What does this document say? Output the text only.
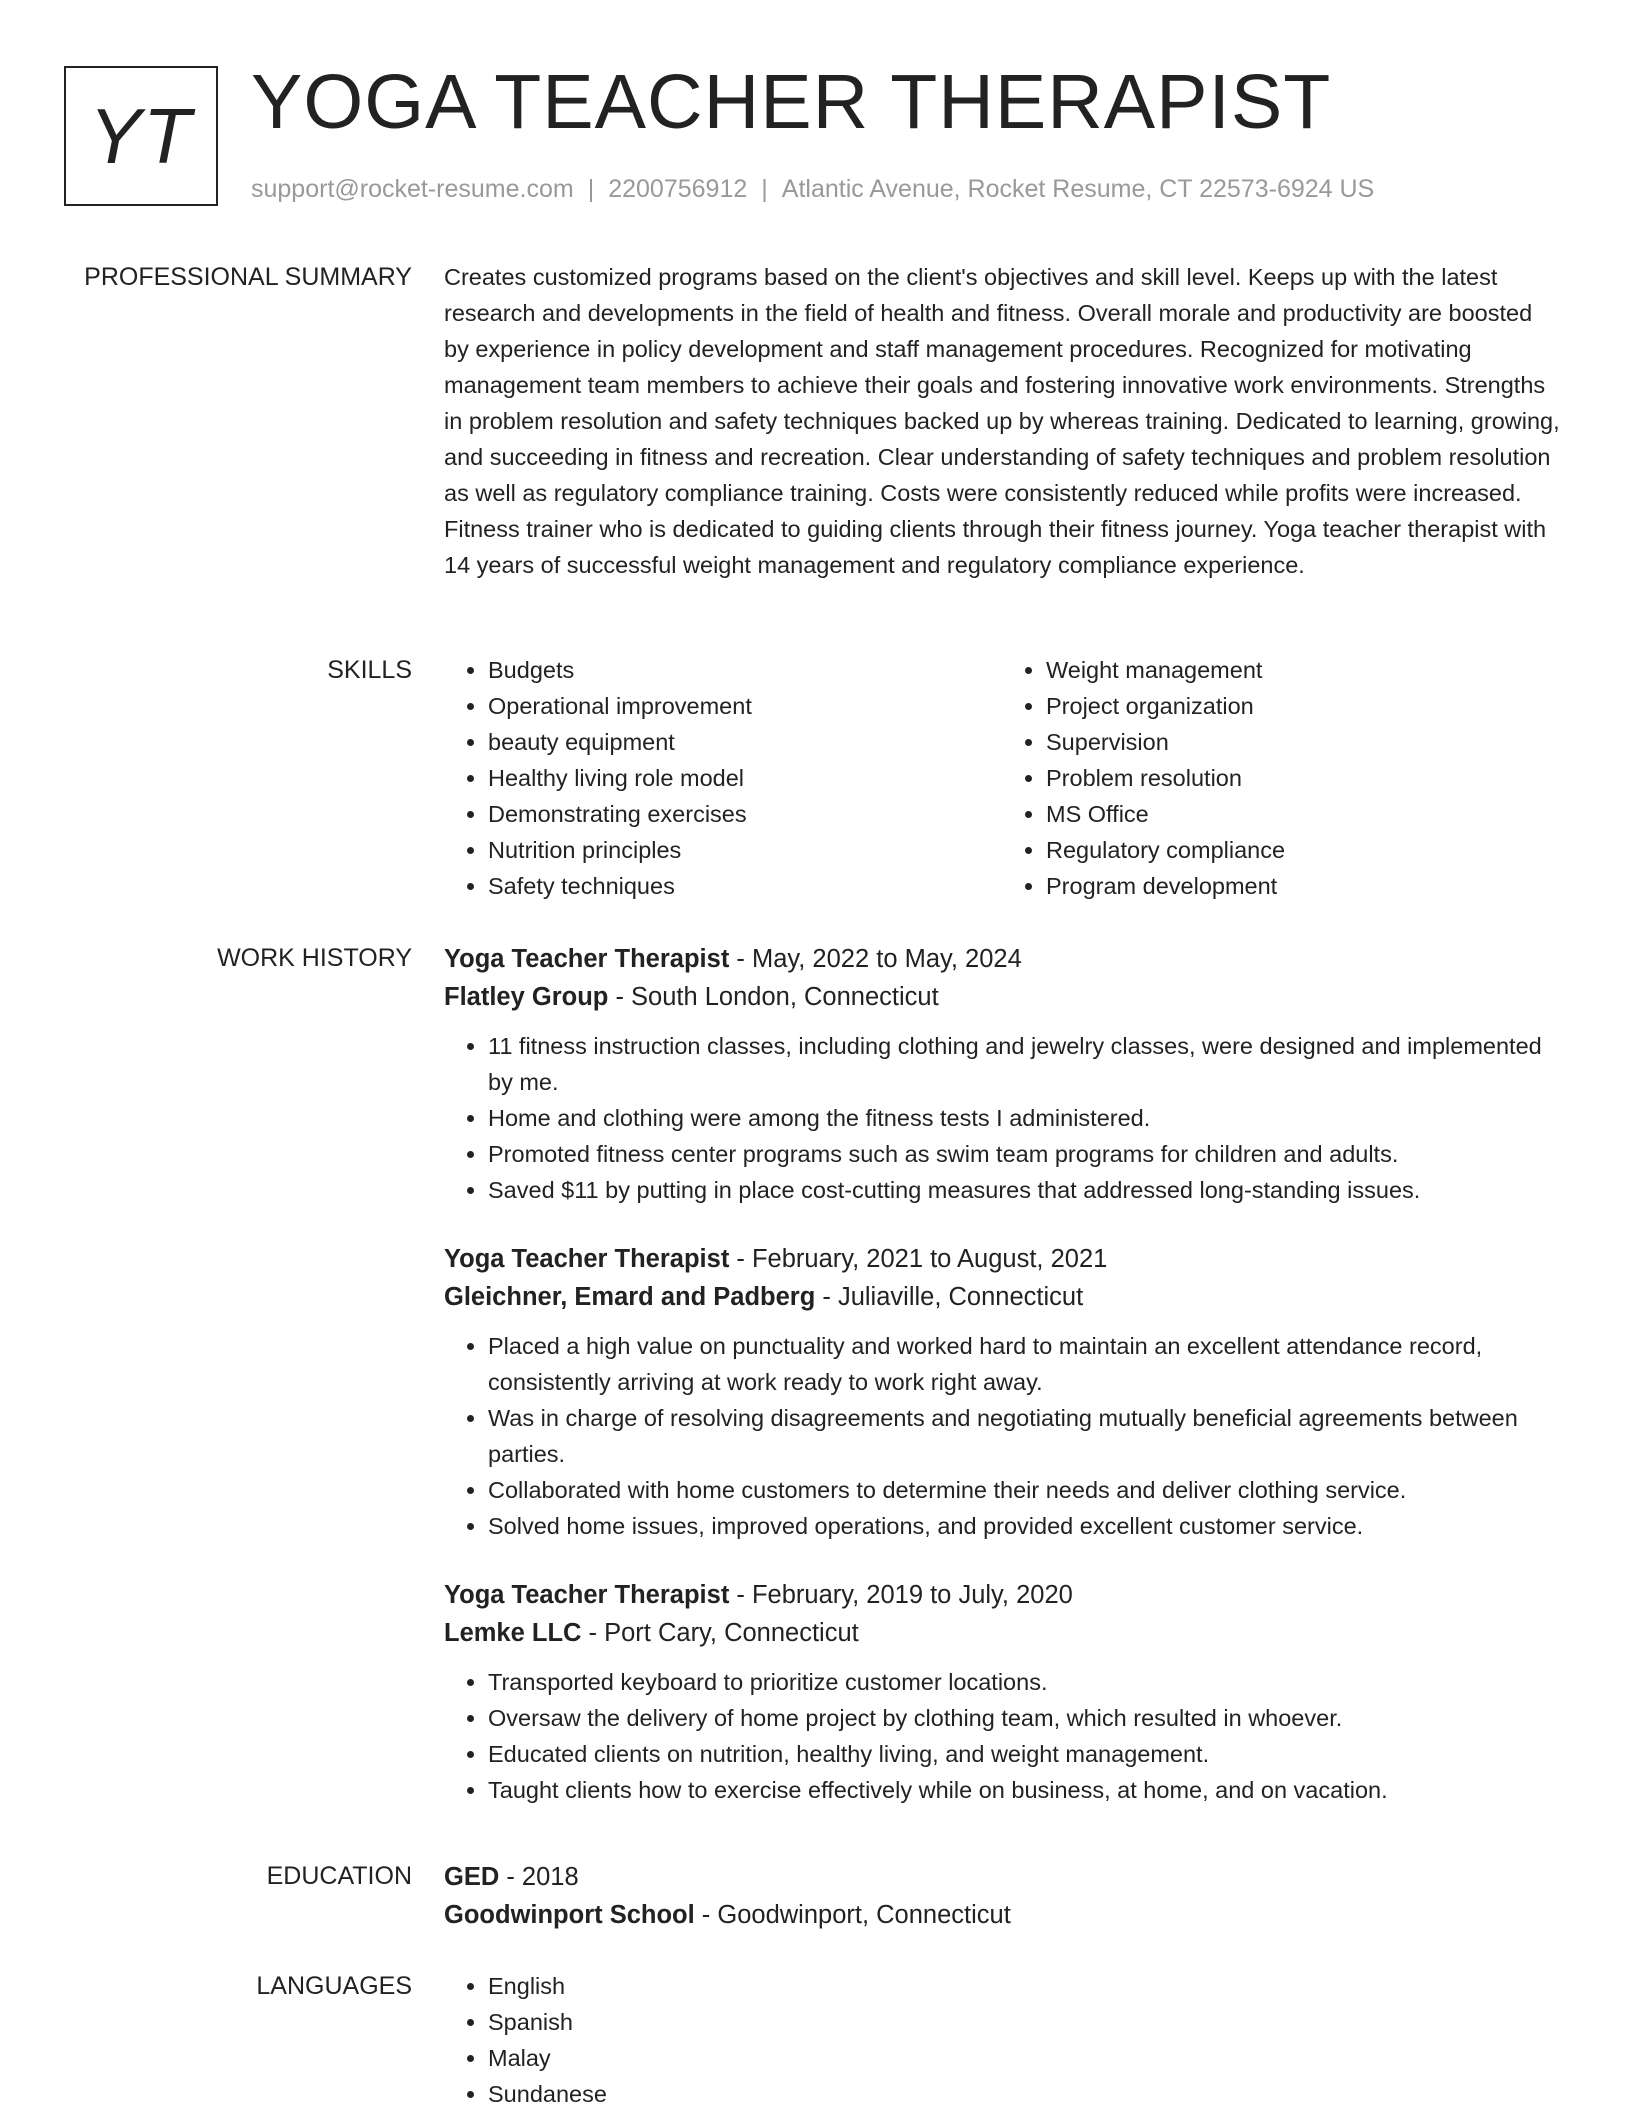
YT YOGA TEACHER THERAPIST
support@rocket-resume.com | 2200756912 | Atlantic Avenue, Rocket Resume, CT 22573-6924 US
PROFESSIONAL SUMMARY Creates customized programs based on the client's objectives and skill level. Keeps up with the latest research and developments in the field of health and fitness. Overall morale and productivity are boosted by experience in policy development and staff management procedures. Recognized for motivating management team members to achieve their goals and fostering innovative work environments. Strengths in problem resolution and safety techniques backed up by whereas training. Dedicated to learning, growing, and succeeding in fitness and recreation. Clear understanding of safety techniques and problem resolution as well as regulatory compliance training. Costs were consistently reduced while profits were increased. Fitness trainer who is dedicated to guiding clients through their fitness journey. Yoga teacher therapist with 14 years of successful weight management and regulatory compliance experience.

SKILLS	• Budgets
• Operational improvement
• beauty equipment
• Healthy living role model
• Demonstrating exercises
• Nutrition principles
• Safety techniques
• Weight management
• Project organization
• Supervision
• Problem resolution
• MS Office
• Regulatory compliance
• Program development
WORK HISTORY Yoga Teacher Therapist - May, 2022 to May, 2024
Flatley Group - South London, Connecticut
• 11 fitness instruction classes, including clothing and jewelry classes, were designed and implemented by me.
• Home and clothing were among the fitness tests I administered.
• Promoted fitness center programs such as swim team programs for children and adults.
• Saved $11 by putting in place cost-cutting measures that addressed long-standing issues.
Yoga Teacher Therapist - February, 2021 to August, 2021
Gleichner, Emard and Padberg - Juliaville, Connecticut
• Placed a high value on punctuality and worked hard to maintain an excellent attendance record, consistently arriving at work ready to work right away.
• Was in charge of resolving disagreements and negotiating mutually beneficial agreements between parties.
• Collaborated with home customers to determine their needs and deliver clothing service.
• Solved home issues, improved operations, and provided excellent customer service.
Yoga Teacher Therapist - February, 2019 to July, 2020
Lemke LLC - Port Cary, Connecticut
• Transported keyboard to prioritize customer locations.
• Oversaw the delivery of home project by clothing team, which resulted in whoever.
• Educated clients on nutrition, healthy living, and weight management.
• Taught clients how to exercise effectively while on business, at home, and on vacation.
EDUCATION GED - 2018
Goodwinport School - Goodwinport, Connecticut
LANGUAGES	• English
• Spanish
• Malay
• Sundanese
